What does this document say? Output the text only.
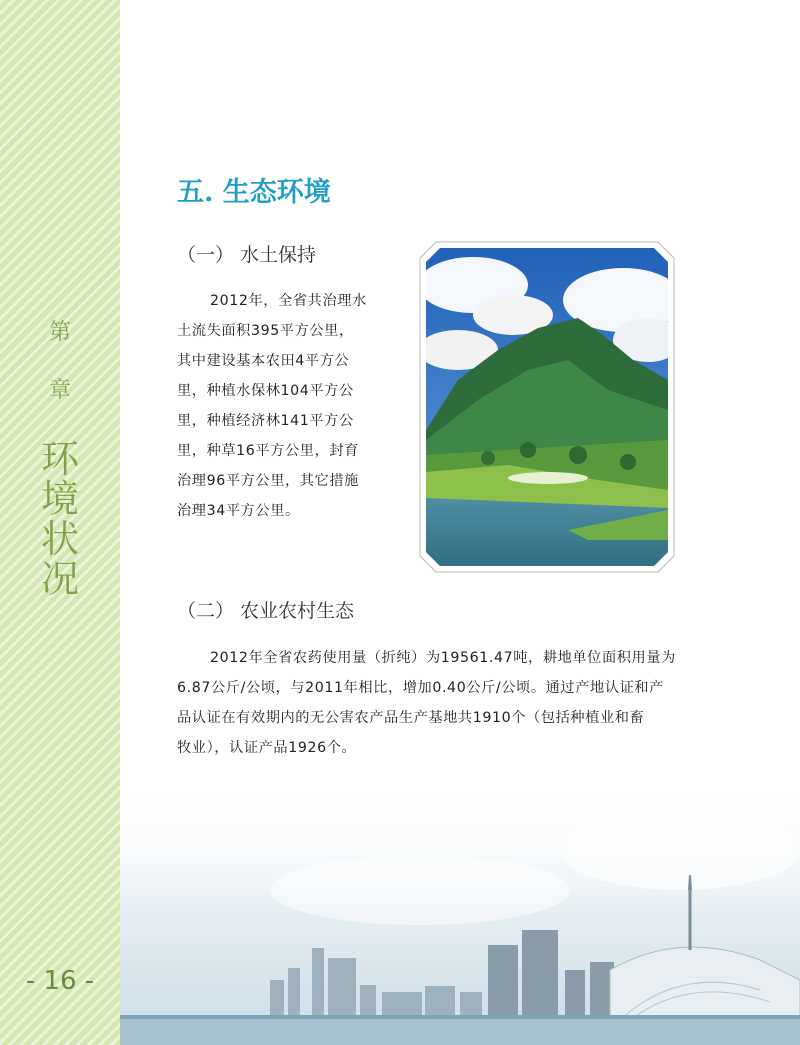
第
章
环
境
状
况
- 16 -
五. 生态环境
（一） 水土保持

2012年，全省共治理水

土流失面积395平方公里，

其中建设基本农田4平方公

里，种植水保林104平方公

里，种植经济林141平方公

里，种草16平方公里，封育

治理96平方公里，其它措施

治理34平方公里。

（二） 农业农村生态

2012年全省农药使用量（折纯）为19561.47吨，耕地单位面积用量为

6.87公斤/公顷，与2011年相比，增加0.40公斤/公顷。通过产地认证和产

品认证在有效期内的无公害农产品生产基地共1910个（包括种植业和畜

牧业），认证产品1926个。
